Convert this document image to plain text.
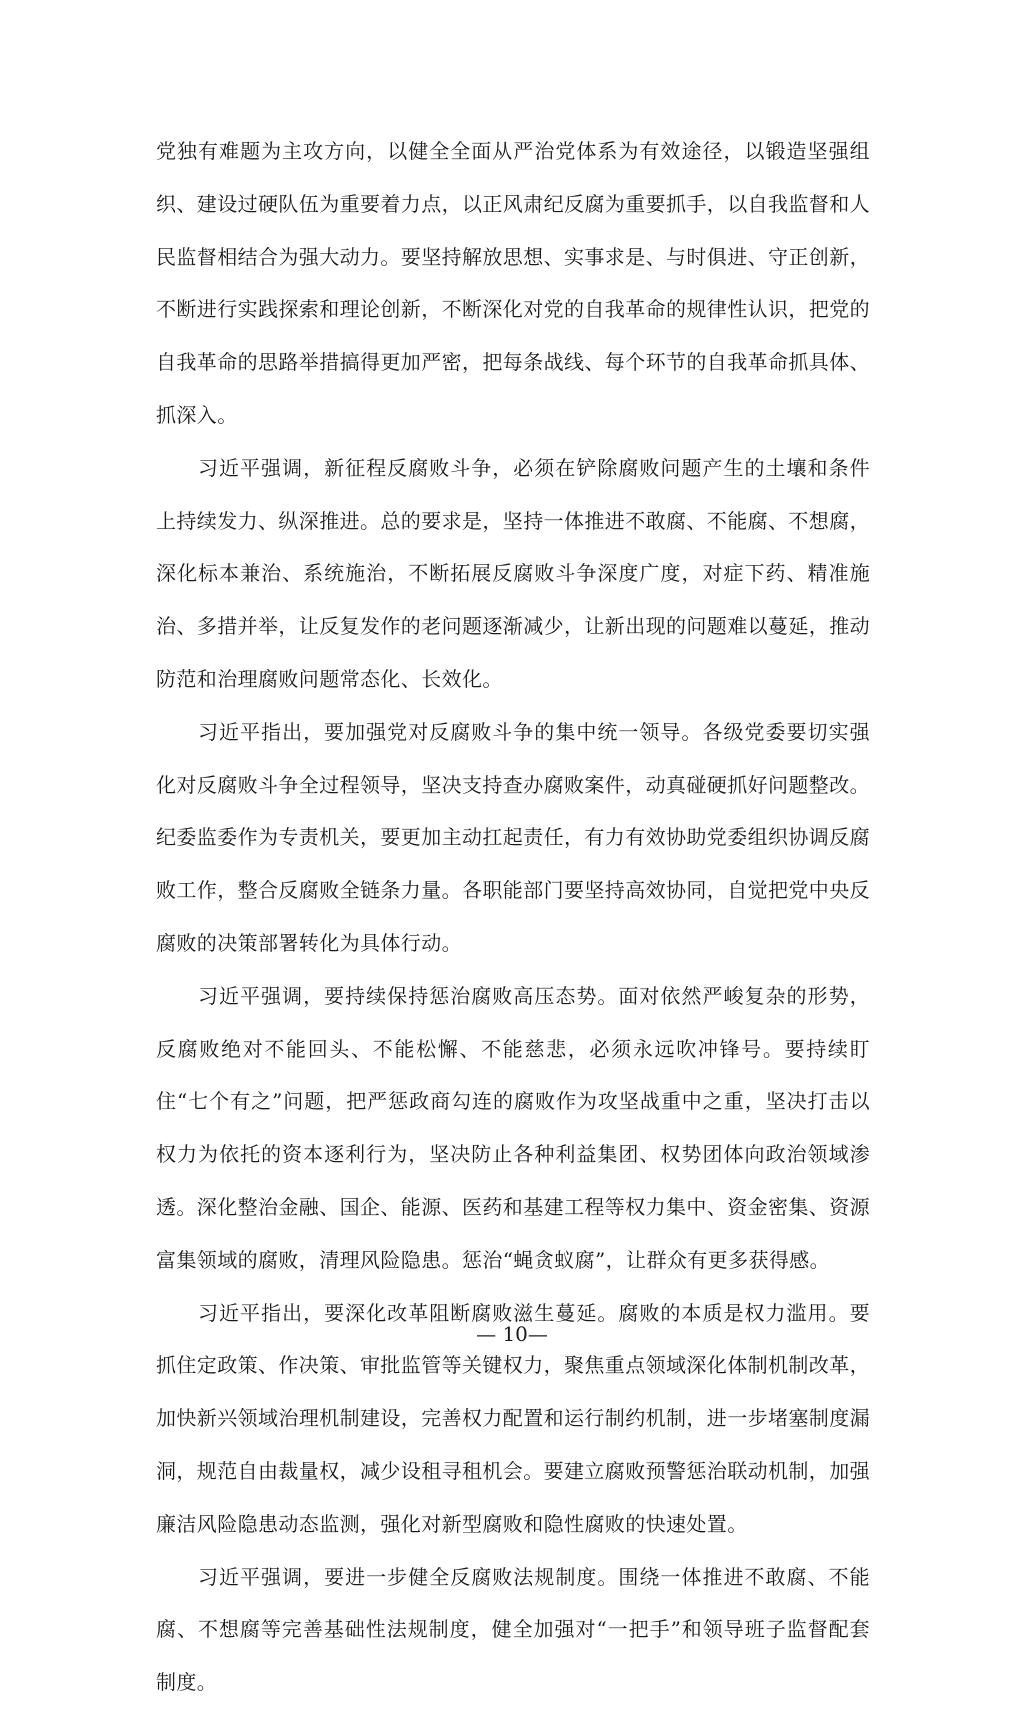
党独有难题为主攻方向，以健全全面从严治党体系为有效途径，以锻造坚强组织、建设过硬队伍为重要着力点，以正风肃纪反腐为重要抓手，以自我监督和人民监督相结合为强大动力。要坚持解放思想、实事求是、与时俱进、守正创新，不断进行实践探索和理论创新，不断深化对党的自我革命的规律性认识，把党的自我革命的思路举措搞得更加严密，把每条战线、每个环节的自我革命抓具体、抓深入。

习近平强调，新征程反腐败斗争，必须在铲除腐败问题产生的土壤和条件上持续发力、纵深推进。总的要求是，坚持一体推进不敢腐、不能腐、不想腐，深化标本兼治、系统施治，不断拓展反腐败斗争深度广度，对症下药、精准施治、多措并举，让反复发作的老问题逐渐减少，让新出现的问题难以蔓延，推动防范和治理腐败问题常态化、长效化。

习近平指出，要加强党对反腐败斗争的集中统一领导。各级党委要切实强化对反腐败斗争全过程领导，坚决支持查办腐败案件，动真碰硬抓好问题整改。纪委监委作为专责机关，要更加主动扛起责任，有力有效协助党委组织协调反腐败工作，整合反腐败全链条力量。各职能部门要坚持高效协同，自觉把党中央反腐败的决策部署转化为具体行动。

习近平强调，要持续保持惩治腐败高压态势。面对依然严峻复杂的形势，反腐败绝对不能回头、不能松懈、不能慈悲，必须永远吹冲锋号。要持续盯住“七个有之”问题，把严惩政商勾连的腐败作为攻坚战重中之重，坚决打击以权力为依托的资本逐利行为，坚决防止各种利益集团、权势团体向政治领域渗透。深化整治金融、国企、能源、医药和基建工程等权力集中、资金密集、资源富集领域的腐败，清理风险隐患。惩治“蝇贪蚁腐”，让群众有更多获得感。

习近平指出，要深化改革阻断腐败滋生蔓延。腐败的本质是权力滥用。要抓住定政策、作决策、审批监管等关键权力，聚焦重点领域深化体制机制改革，加快新兴领域治理机制建设，完善权力配置和运行制约机制，进一步堵塞制度漏洞，规范自由裁量权，减少设租寻租机会。要建立腐败预警惩治联动机制，加强廉洁风险隐患动态监测，强化对新型腐败和隐性腐败的快速处置。

习近平强调，要进一步健全反腐败法规制度。围绕一体推进不敢腐、不能腐、不想腐等完善基础性法规制度，健全加强对“一把手”和领导班子监督配套制度。

— 10—
